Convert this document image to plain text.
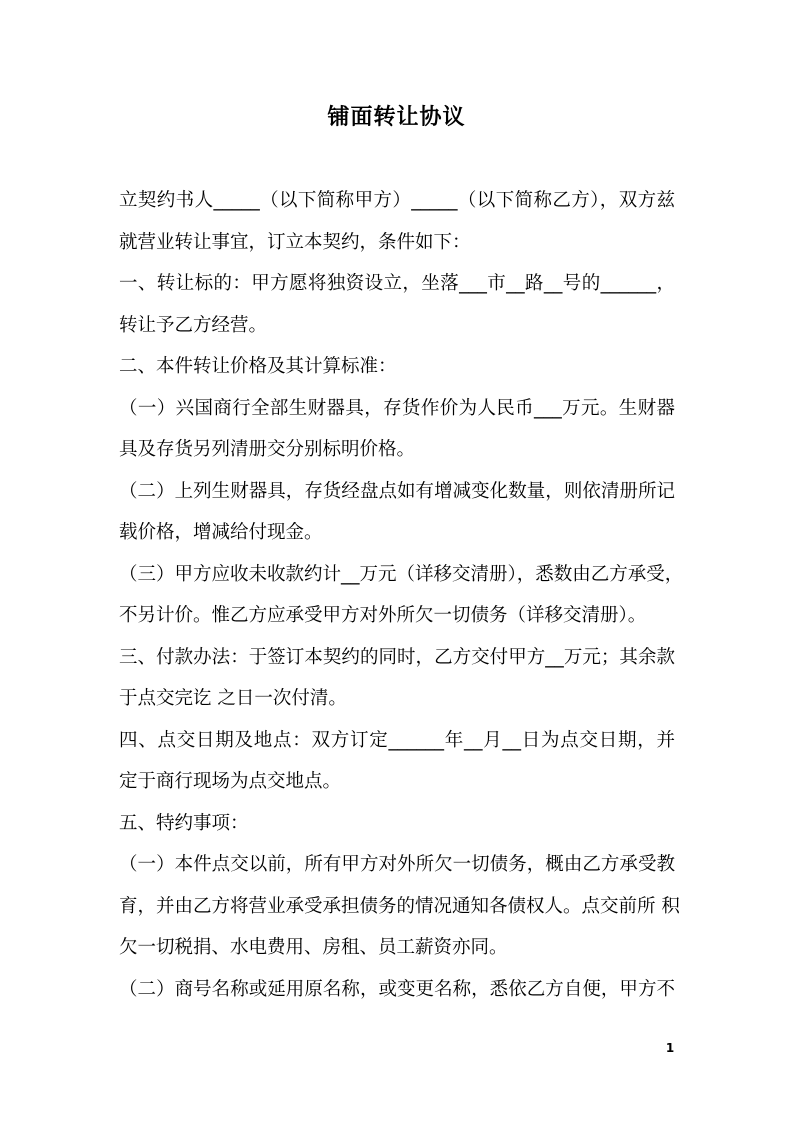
铺面转让协议
立契约书人_____（以下简称甲方）_____（以下简称乙方），双方兹
就营业转让事宜，订立本契约，条件如下：
一、转让标的：甲方愿将独资设立，坐落___市__路__号的______，
转让予乙方经营。
二、本件转让价格及其计算标准：
（一）兴国商行全部生财器具，存货作价为人民币___万元。生财器
具及存货另列清册交分别标明价格。
（二）上列生财器具，存货经盘点如有增减变化数量，则依清册所记
载价格，增减给付现金。
（三）甲方应收未收款约计__万元（详移交清册），悉数由乙方承受，
不另计价。惟乙方应承受甲方对外所欠一切债务（详移交清册）。
三、付款办法：于签订本契约的同时，乙方交付甲方__万元；其余款
于点交完讫 之日一次付清。
四、点交日期及地点：双方订定______年__月__日为点交日期，并
定于商行现场为点交地点。
五、特约事项：
（一）本件点交以前，所有甲方对外所欠一切债务，概由乙方承受教
育，并由乙方将营业承受承担债务的情况通知各债权人。点交前所 积
欠一切税捐、水电费用、房租、员工薪资亦同。
（二）商号名称或延用原名称，或变更名称，悉依乙方自便，甲方不
1
